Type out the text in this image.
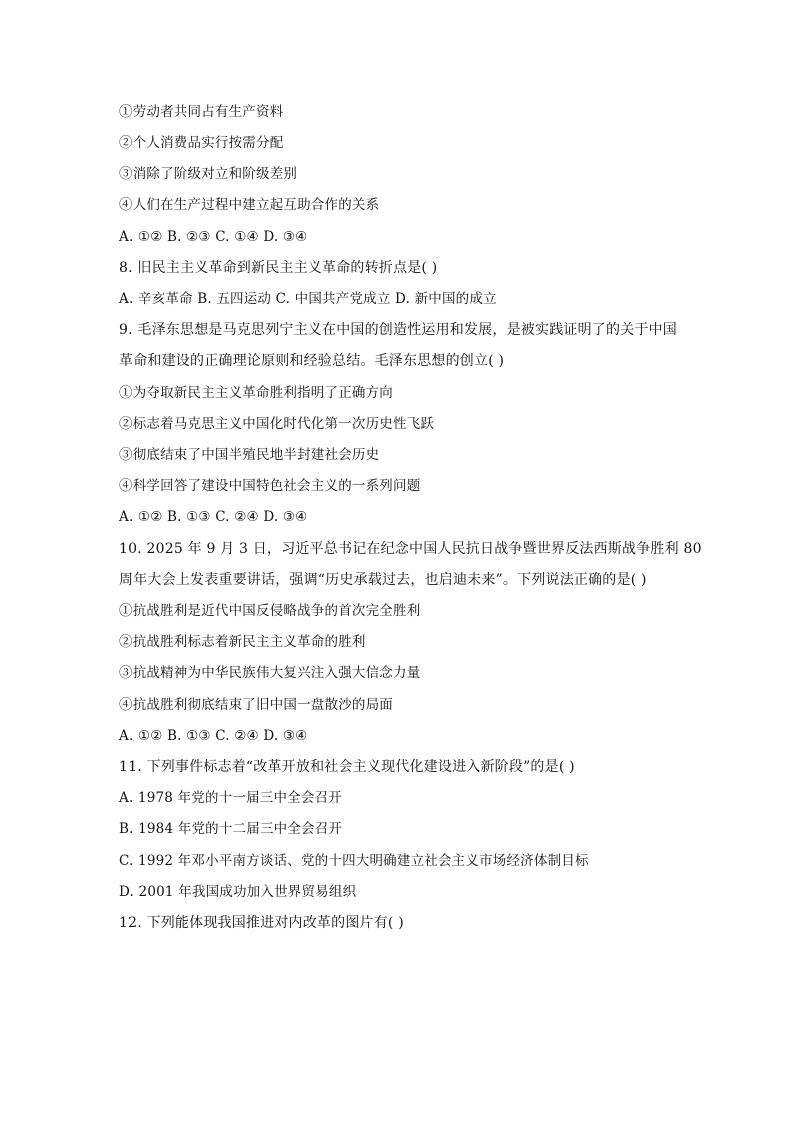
①劳动者共同占有生产资料
②个人消费品实行按需分配
③消除了阶级对立和阶级差别
④人们在生产过程中建立起互助合作的关系
A. ①② B. ②③ C. ①④ D. ③④
8. 旧民主主义革命到新民主主义革命的转折点是( )
A. 辛亥革命 B. 五四运动 C. 中国共产党成立 D. 新中国的成立
9. 毛泽东思想是马克思列宁主义在中国的创造性运用和发展，是被实践证明了的关于中国
革命和建设的正确理论原则和经验总结。毛泽东思想的创立( )
①为夺取新民主主义革命胜利指明了正确方向
②标志着马克思主义中国化时代化第一次历史性飞跃
③彻底结束了中国半殖民地半封建社会历史
④科学回答了建设中国特色社会主义的一系列问题
A. ①② B. ①③ C. ②④ D. ③④
10. 2025 年 9 月 3 日，习近平总书记在纪念中国人民抗日战争暨世界反法西斯战争胜利 80
周年大会上发表重要讲话，强调“历史承载过去，也启迪未来”。下列说法正确的是( )
①抗战胜利是近代中国反侵略战争的首次完全胜利
②抗战胜利标志着新民主主义革命的胜利
③抗战精神为中华民族伟大复兴注入强大信念力量
④抗战胜利彻底结束了旧中国一盘散沙的局面
A. ①② B. ①③ C. ②④ D. ③④
11. 下列事件标志着“改革开放和社会主义现代化建设进入新阶段”的是( )
A. 1978 年党的十一届三中全会召开
B. 1984 年党的十二届三中全会召开
C. 1992 年邓小平南方谈话、党的十四大明确建立社会主义市场经济体制目标
D. 2001 年我国成功加入世界贸易组织
12. 下列能体现我国推进对内改革的图片有( )
